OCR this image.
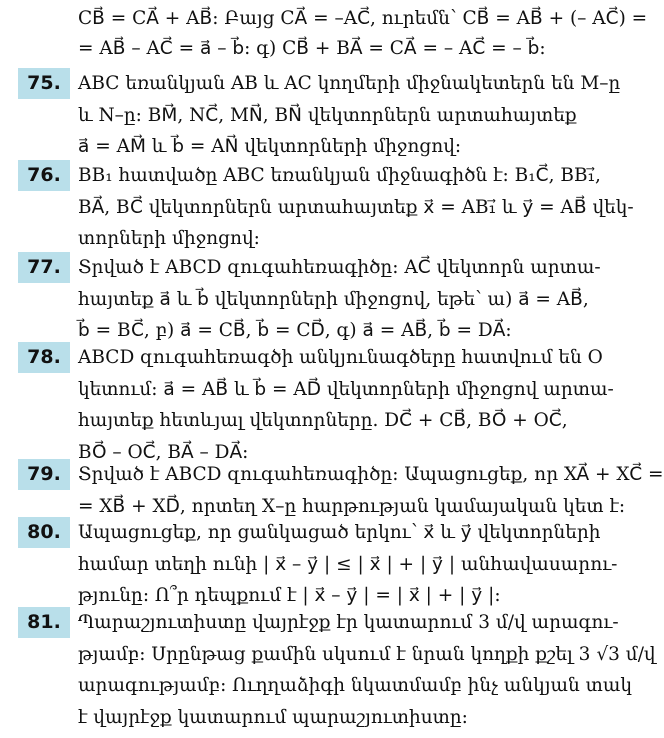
CB⃗ = CA⃗ + AB⃗: Բայց CA⃗ = –AC⃗, ուրեմն՝ CB⃗ = AB⃗ + (– AC⃗) =
= AB⃗ – AC⃗ = a⃗ – b⃗: գ) CB⃗ + BA⃗ = CA⃗ = – AC⃗ = – b⃗:
75. ABC եռանկյան AB և AC կողմերի միջնակետերն են M–ը
և N–ը: BM⃗, NC⃗, MN⃗, BN⃗ վեկտորներն արտահայտեք
a⃗ = AM⃗ և b⃗ = AN⃗ վեկտորների միջոցով:
76. BB₁ հատվածը ABC եռանկյան միջնագիծն է: B₁C⃗, BB₁⃗,
BA⃗, BC⃗ վեկտորներն արտահայտեք x⃗ = AB₁⃗ և y⃗ = AB⃗ վեկ-
տորների միջոցով:
77. Տրված է ABCD զուգահեռագիծը: AC⃗ վեկտորն արտա-
հայտեք a⃗ և b⃗ վեկտորների միջոցով, եթե՝ ա) a⃗ = AB⃗,
b⃗ = BC⃗, բ) a⃗ = CB⃗, b⃗ = CD⃗, գ) a⃗ = AB⃗, b⃗ = DA⃗:
78. ABCD զուգահեռագծի անկյունագծերը հատվում են O
կետում: a⃗ = AB⃗ և b⃗ = AD⃗ վեկտորների միջոցով արտա-
հայտեք հետևյալ վեկտորները. DC⃗ + CB⃗, BO⃗ + OC⃗,
BO⃗ – OC⃗, BA⃗ – DA⃗:
79. Տրված է ABCD զուգահեռագիծը: Ապացուցեք, որ XA⃗ + XC⃗ =
= XB⃗ + XD⃗, որտեղ X–ը հարթության կամայական կետ է:
80. Ապացուցեք, որ ցանկացած երկու՝ x⃗ և y⃗ վեկտորների
համար տեղի ունի | x⃗ – y⃗ | ≤ | x⃗ | + | y⃗ | անհավասարու-
թյունը: Ո՞ր դեպքում է | x⃗ – y⃗ | = | x⃗ | + | y⃗ |:
81. Պարաշյուտիստը վայրէջք էր կատարում 3 մ/վ արագու-
թյամբ: Սրընթաց քամին սկսում է նրան կողքի քշել 3 √3 մ/վ
արագությամբ: Ուղղաձիգի նկատմամբ ինչ անկյան տակ
է վայրէջք կատարում պարաշյուտիստը:
